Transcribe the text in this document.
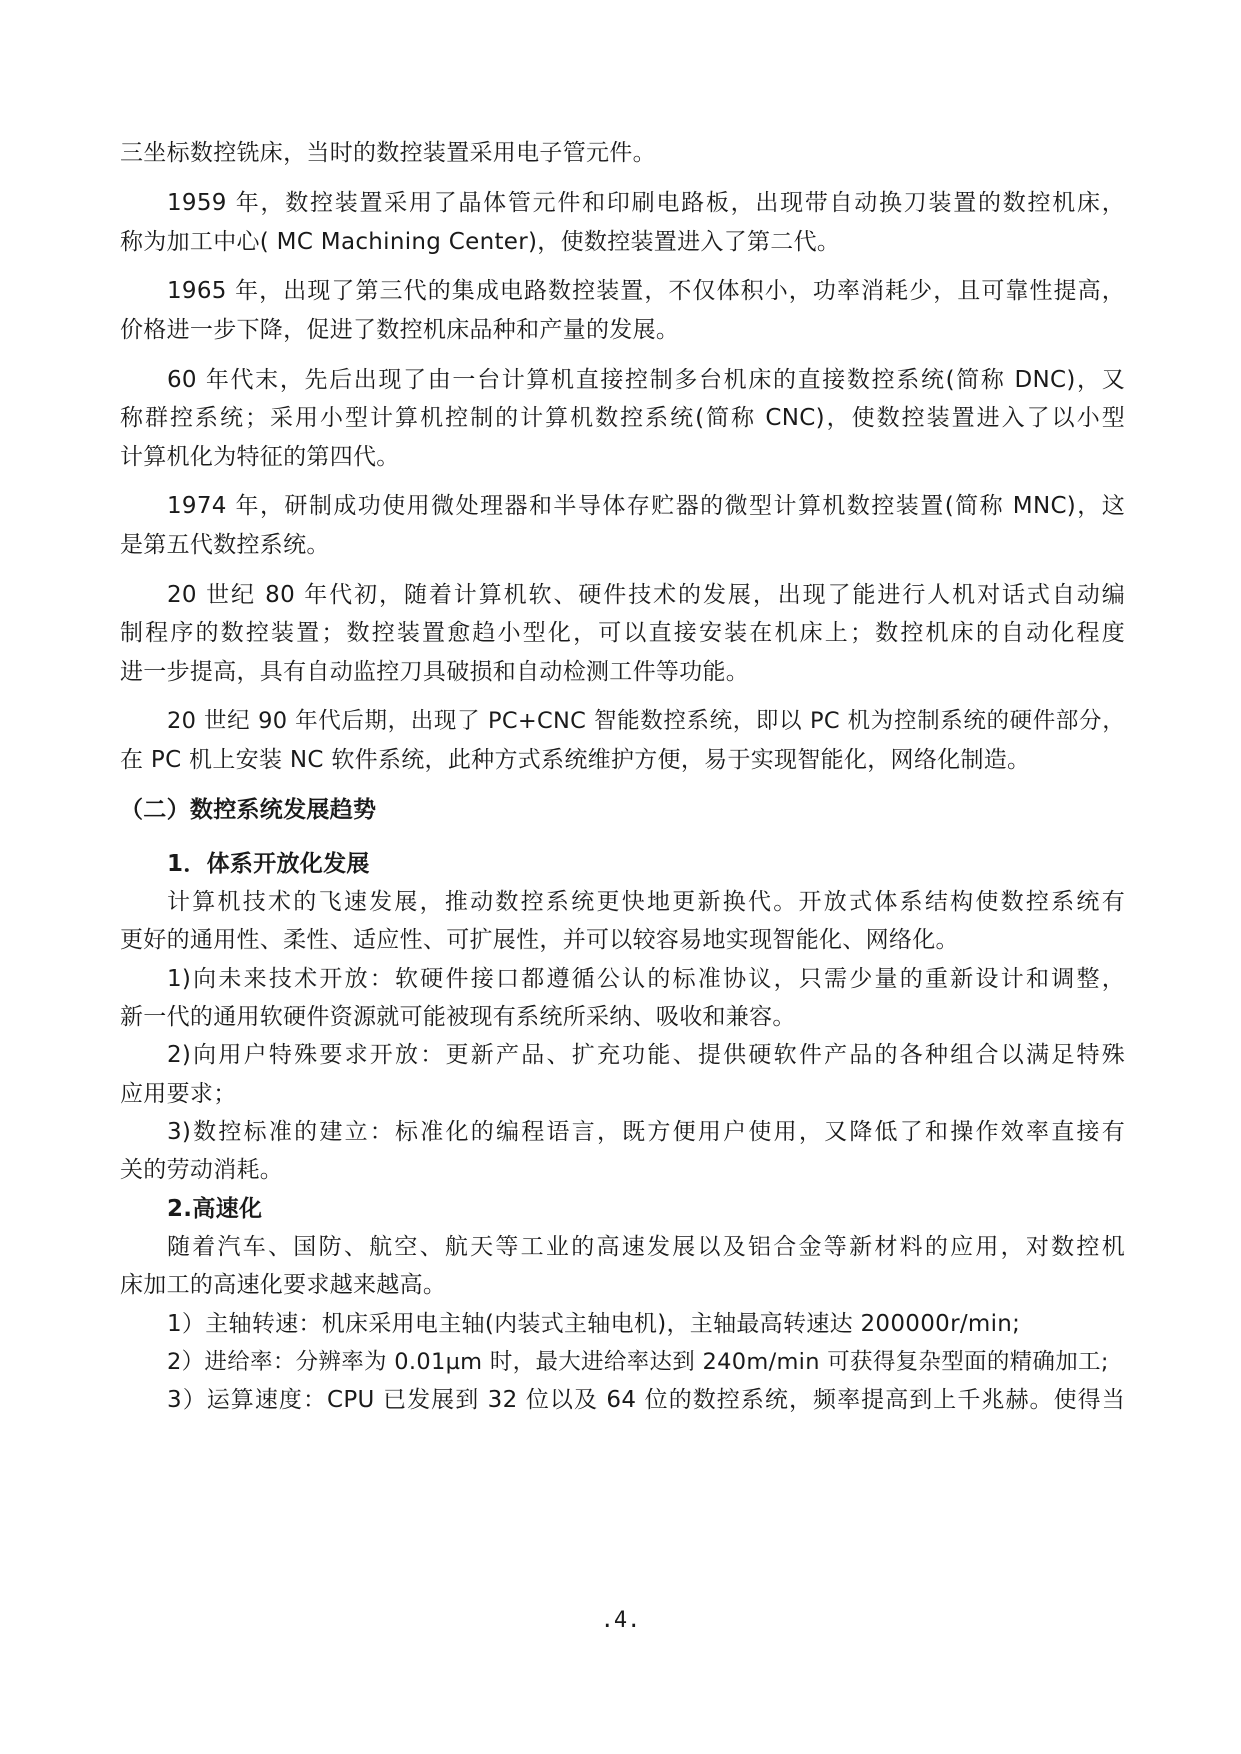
三坐标数控铣床，当时的数控装置采用电子管元件。
1959 年，数控装置采用了晶体管元件和印刷电路板，出现带自动换刀装置的数控机床，
称为加工中心( MC Machining Center)，使数控装置进入了第二代。
1965 年，出现了第三代的集成电路数控装置，不仅体积小，功率消耗少，且可靠性提高，
价格进一步下降，促进了数控机床品种和产量的发展。
60 年代末，先后出现了由一台计算机直接控制多台机床的直接数控系统(简称 DNC)，又
称群控系统；采用小型计算机控制的计算机数控系统(简称 CNC)，使数控装置进入了以小型
计算机化为特征的第四代。
1974 年，研制成功使用微处理器和半导体存贮器的微型计算机数控装置(简称 MNC)，这
是第五代数控系统。
20 世纪 80 年代初，随着计算机软、硬件技术的发展，出现了能进行人机对话式自动编
制程序的数控装置；数控装置愈趋小型化，可以直接安装在机床上；数控机床的自动化程度
进一步提高，具有自动监控刀具破损和自动检测工件等功能。
20 世纪 90 年代后期，出现了 PC+CNC 智能数控系统，即以 PC 机为控制系统的硬件部分，
在 PC 机上安装 NC 软件系统，此种方式系统维护方便，易于实现智能化，网络化制造。
（二）数控系统发展趋势
1．体系开放化发展
计算机技术的飞速发展，推动数控系统更快地更新换代。开放式体系结构使数控系统有
更好的通用性、柔性、适应性、可扩展性，并可以较容易地实现智能化、网络化。
1)向未来技术开放：软硬件接口都遵循公认的标准协议，只需少量的重新设计和调整，
新一代的通用软硬件资源就可能被现有系统所采纳、吸收和兼容。
2)向用户特殊要求开放：更新产品、扩充功能、提供硬软件产品的各种组合以满足特殊
应用要求；
3)数控标准的建立：标准化的编程语言，既方便用户使用，又降低了和操作效率直接有
关的劳动消耗。
2.高速化
随着汽车、国防、航空、航天等工业的高速发展以及铝合金等新材料的应用，对数控机
床加工的高速化要求越来越高。
1）主轴转速：机床采用电主轴(内装式主轴电机)，主轴最高转速达 200000r/min;
2）进给率：分辨率为 0.01µm 时，最大进给率达到 240m/min 可获得复杂型面的精确加工;
3）运算速度：CPU 已发展到 32 位以及 64 位的数控系统，频率提高到上千兆赫。使得当
.4.
